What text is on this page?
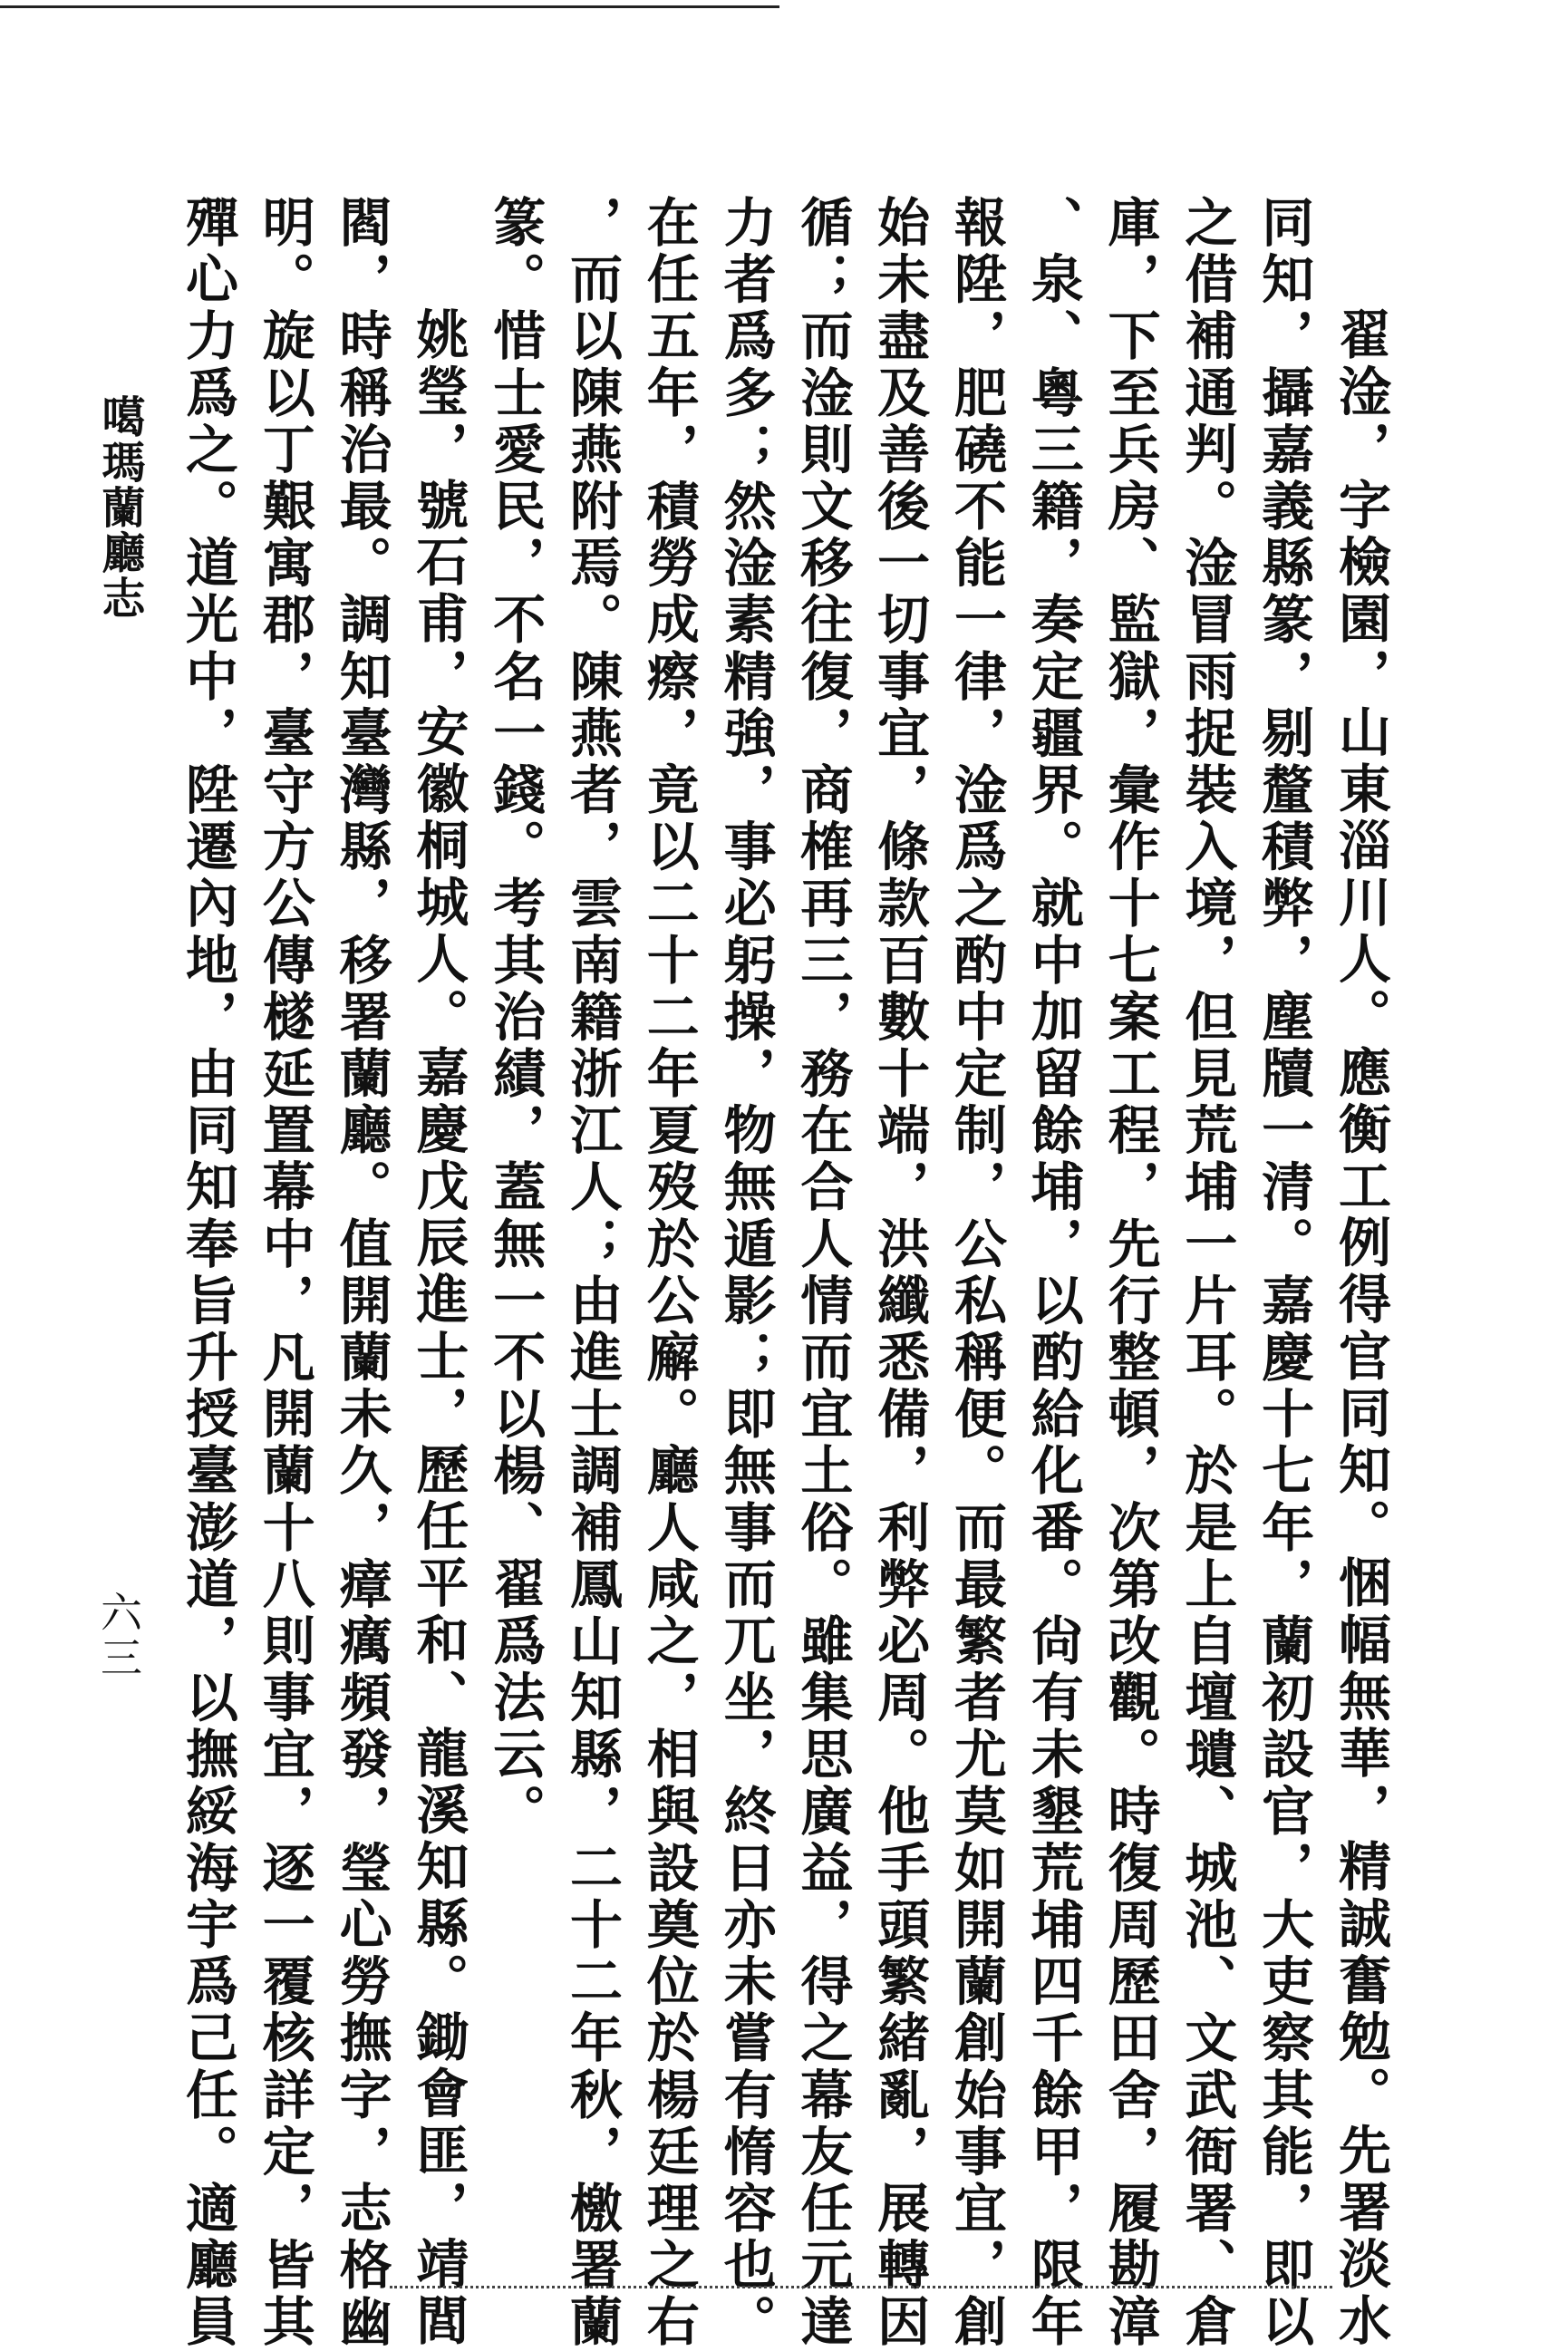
翟淦，字檢園，山東淄川人。應衡工例得官同知。悃幅無華，精誠奮勉。先署淡水
同知，攝嘉義縣篆，剔釐積弊，塵牘一清。嘉慶十七年，蘭初設官，大吏察其能，即以
之借補通判。淦冒雨捉裝入境，但見荒埔一片耳。於是上自壇壝、城池、文武衙署、倉
庫，下至兵房、監獄，彙作十七案工程，先行整頓，次第改觀。時復周歷田舍，履勘漳
、泉、粵三籍，奏定疆界。就中加留餘埔，以酌給化番。尙有未墾荒埔四千餘甲，限年
報陞，肥磽不能一律，淦爲之酌中定制，公私稱便。而最繁者尤莫如開蘭創始事宜，創
始未盡及善後一切事宜，條款百數十端，洪纖悉備，利弊必周。他手頭繁緒亂，展轉因
循；而淦則文移往復，商榷再三，務在合人情而宜土俗。雖集思廣益，得之幕友任元達
力者爲多；然淦素精強，事必躬操，物無遁影；即無事而兀坐，終日亦未嘗有惰容也。
在任五年，積勞成瘵，竟以二十二年夏歿於公廨。廳人咸之，相與設奠位於楊廷理之右
，而以陳燕附焉。陳燕者，雲南籍浙江人；由進士調補鳳山知縣，二十二年秋，檄署蘭
篆。惜士愛民，不名一錢。考其治績，蓋無一不以楊、翟爲法云。
姚瑩，號石甫，安徽桐城人。嘉慶戊辰進士，歷任平和、龍溪知縣。鋤會匪，靖閭
閻，時稱治最。調知臺灣縣，移署蘭廳。值開蘭未久，瘴癘頻發，瑩心勞撫字，志格幽
明。旋以丁艱寓郡，臺守方公傳檖延置幕中，凡開蘭十八則事宜，逐一覆核詳定，皆其
殫心力爲之。道光中，陞遷內地，由同知奉旨升授臺澎道，以撫綏海宇爲己任。適廳員
噶瑪蘭廳志
六三
